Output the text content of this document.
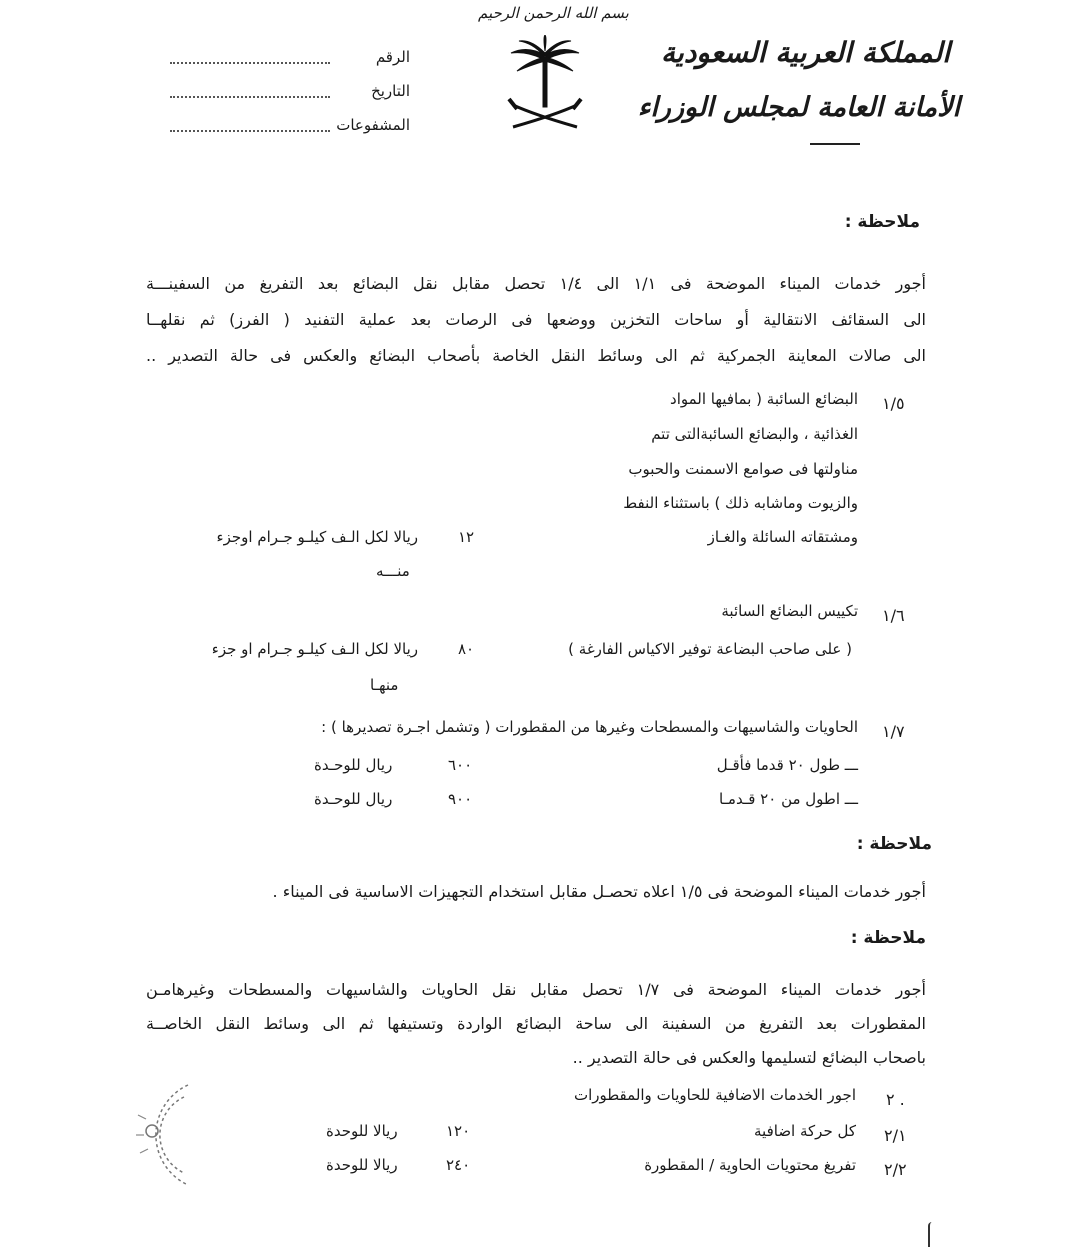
بسم الله الرحمن الرحيم
المملكة العربية السعودية
الأمانة العامة لمجلس الوزراء
الرقم
التاريخ
المشفوعات
ملاحظة :
أجور خدمات الميناء الموضحة فى ١/١ الى ١/٤ تحصل مقابل نقل البضائع بعد التفريغ من السفينـــة
الى السقائف الانتقالية أو ساحات التخزين ووضعها فى الرصات بعد عملية التفنيد ( الفرز) ثم نقلهــا
الى صالات المعاينة الجمركية ثم الى وسائط النقل الخاصة بأصحاب البضائع والعكس فى حالة التصدير ..
١/٥
البضائع السائبة ( بمافيها المواد
الغذائية ، والبضائع السائبةالتى تتم
مناولتها فى صوامع الاسمنت والحبوب
والزيوت وماشابه ذلك ) باستثناء النفط
ومشتقاته السائلة والغـاز
١٢
ريالا لكل الـف كيلـو جـرام اوجزء
منـــه
١/٦
تكييس البضائع السائبة
( على صاحب البضاعة توفير الاكياس الفارغة )
٨٠
ريالا لكل الـف كيلـو جـرام او جزء
منهـا
١/٧
الحاويات والشاسيهات والمسطحات وغيرها من المقطورات ( وتشمل اجـرة تصديرها ) :
ـــ طول ٢٠ قدما فأقـل
٦٠٠
ريال للوحـدة
ـــ اطول من ٢٠ قـدمـا
٩٠٠
ريال للوحـدة
ملاحظة :
أجور خدمات الميناء الموضحة فى ١/٥ اعلاه تحصـل مقابل استخدام التجهيزات الاساسية فى الميناء .
ملاحظة :
أجور خدمات الميناء الموضحة فى ١/٧ تحصل مقابل نقل الحاويات والشاسيهات والمسطحات وغيرهامـن
المقطورات بعد التفريغ من السفينة الى ساحة البضائع الواردة وتستيفها ثم الى وسائط النقل الخاصــة
باصحاب البضائع لتسليمها والعكس فى حالة التصدير ..
. ٢
اجور الخدمات الاضافية للحاويات والمقطورات
٢/١
كل حركة اضافية
١٢٠
ريالا للوحدة
٢/٢
تفريغ محتويات الحاوية / المقطورة
٢٤٠
ريالا للوحدة
